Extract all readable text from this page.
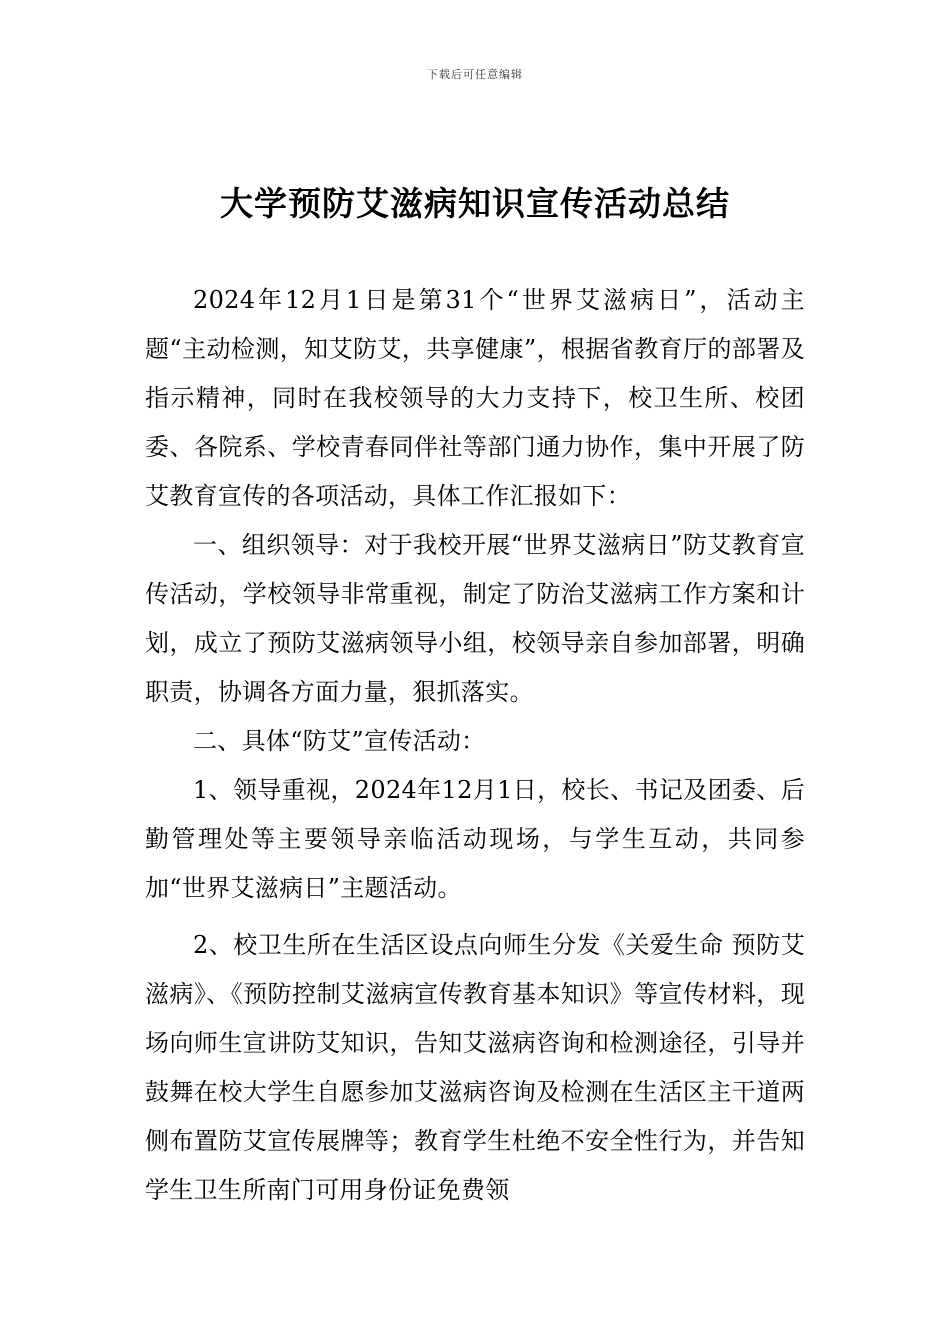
下载后可任意编辑
大学预防艾滋病知识宣传活动总结

2024年12月1日是第31个“世界艾滋病日”，活动主题“主动检测，知艾防艾，共享健康”，根据省教育厅的部署及指示精神，同时在我校领导的大力支持下，校卫生所、校团委、各院系、学校青春同伴社等部门通力协作，集中开展了防艾教育宣传的各项活动，具体工作汇报如下：

一、组织领导：对于我校开展“世界艾滋病日”防艾教育宣传活动，学校领导非常重视，制定了防治艾滋病工作方案和计划，成立了预防艾滋病领导小组，校领导亲自参加部署，明确职责，协调各方面力量，狠抓落实。

二、具体“防艾”宣传活动：

1、领导重视，2024年12月1日，校长、书记及团委、后勤管理处等主要领导亲临活动现场，与学生互动，共同参加“世界艾滋病日”主题活动。

2、校卫生所在生活区设点向师生分发《关爱生命 预防艾滋病》、《预防控制艾滋病宣传教育基本知识》等宣传材料，现场向师生宣讲防艾知识，告知艾滋病咨询和检测途径，引导并鼓舞在校大学生自愿参加艾滋病咨询及检测在生活区主干道两侧布置防艾宣传展牌等；教育学生杜绝不安全性行为，并告知学生卫生所南门可用身份证免费领
